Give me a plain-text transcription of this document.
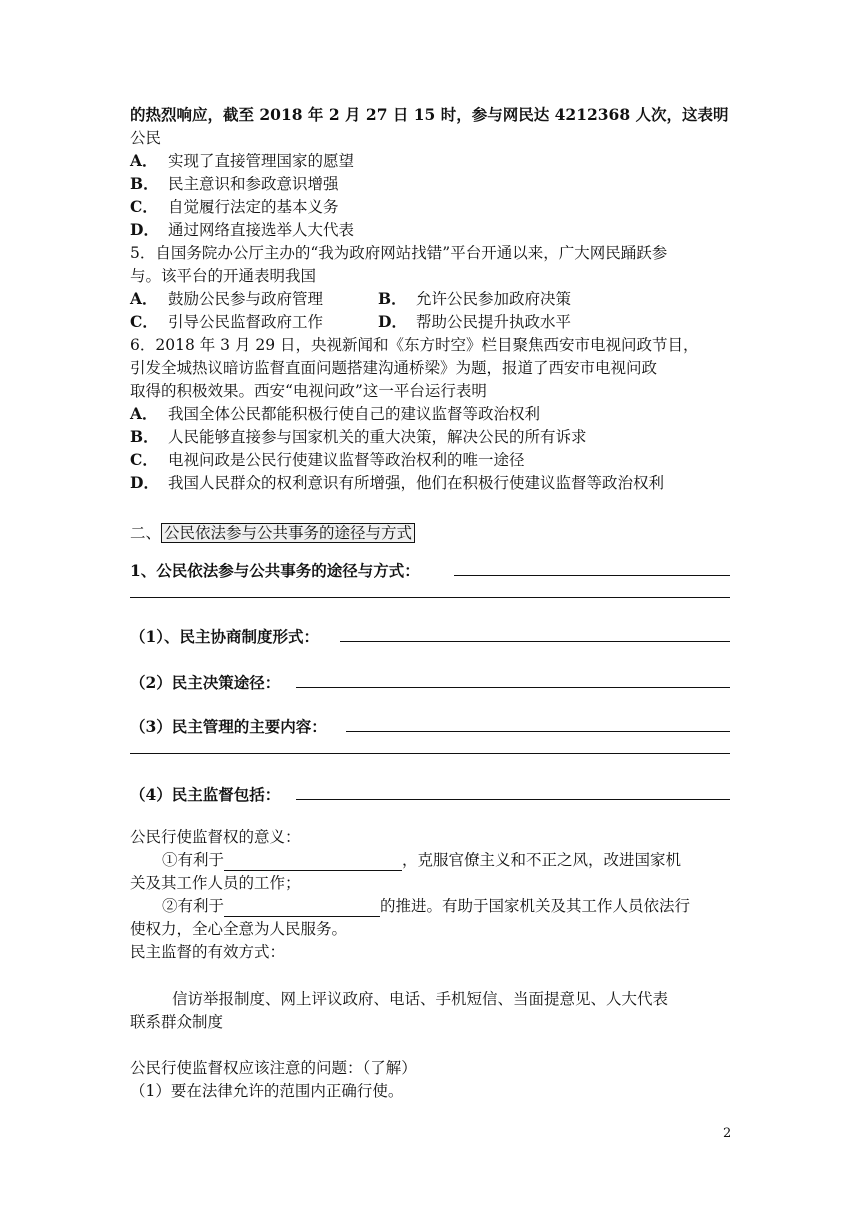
的热烈响应，截至 2018 年 2 月 27 日 15 时，参与网民达 4212368 人次，这表明
公民
A． 实现了直接管理国家的愿望
B． 民主意识和参政意识增强
C． 自觉履行法定的基本义务
D． 通过网络直接选举人大代表
5．自国务院办公厅主办的“我为政府网站找错”平台开通以来，广大网民踊跃参
与。该平台的开通表明我国
A． 鼓励公民参与政府管理	B． 允许公民参加政府决策
C． 引导公民监督政府工作	D． 帮助公民提升执政水平
6．2018 年 3 月 29 日，央视新闻和《东方时空》栏目聚焦西安市电视问政节目，
引发全城热议暗访监督直面问题搭建沟通桥梁》为题，报道了西安市电视问政
取得的积极效果。西安“电视问政”这一平台运行表明
A． 我国全体公民都能积极行使自己的建议监督等政治权利
B． 人民能够直接参与国家机关的重大决策，解决公民的所有诉求
C． 电视问政是公民行使建议监督等政治权利的唯一途径
D． 我国人民群众的权利意识有所增强，他们在积极行使建议监督等政治权利
二、 公民依法参与公共事务的途径与方式
1、公民依法参与公共事务的途径与方式：
（1）、民主协商制度形式：
（2）民主决策途径：
（3）民主管理的主要内容：
（4）民主监督包括：
公民行使监督权的意义：
①有利于	，克服官僚主义和不正之风，改进国家机
关及其工作人员的工作；
②有利于	的推进。有助于国家机关及其工作人员依法行
使权力，全心全意为人民服务。
民主监督的有效方式：
信访举报制度、网上评议政府、电话、手机短信、当面提意见、人大代表
联系群众制度
公民行使监督权应该注意的问题：（了解）
（1）要在法律允许的范围内正确行使。
2
